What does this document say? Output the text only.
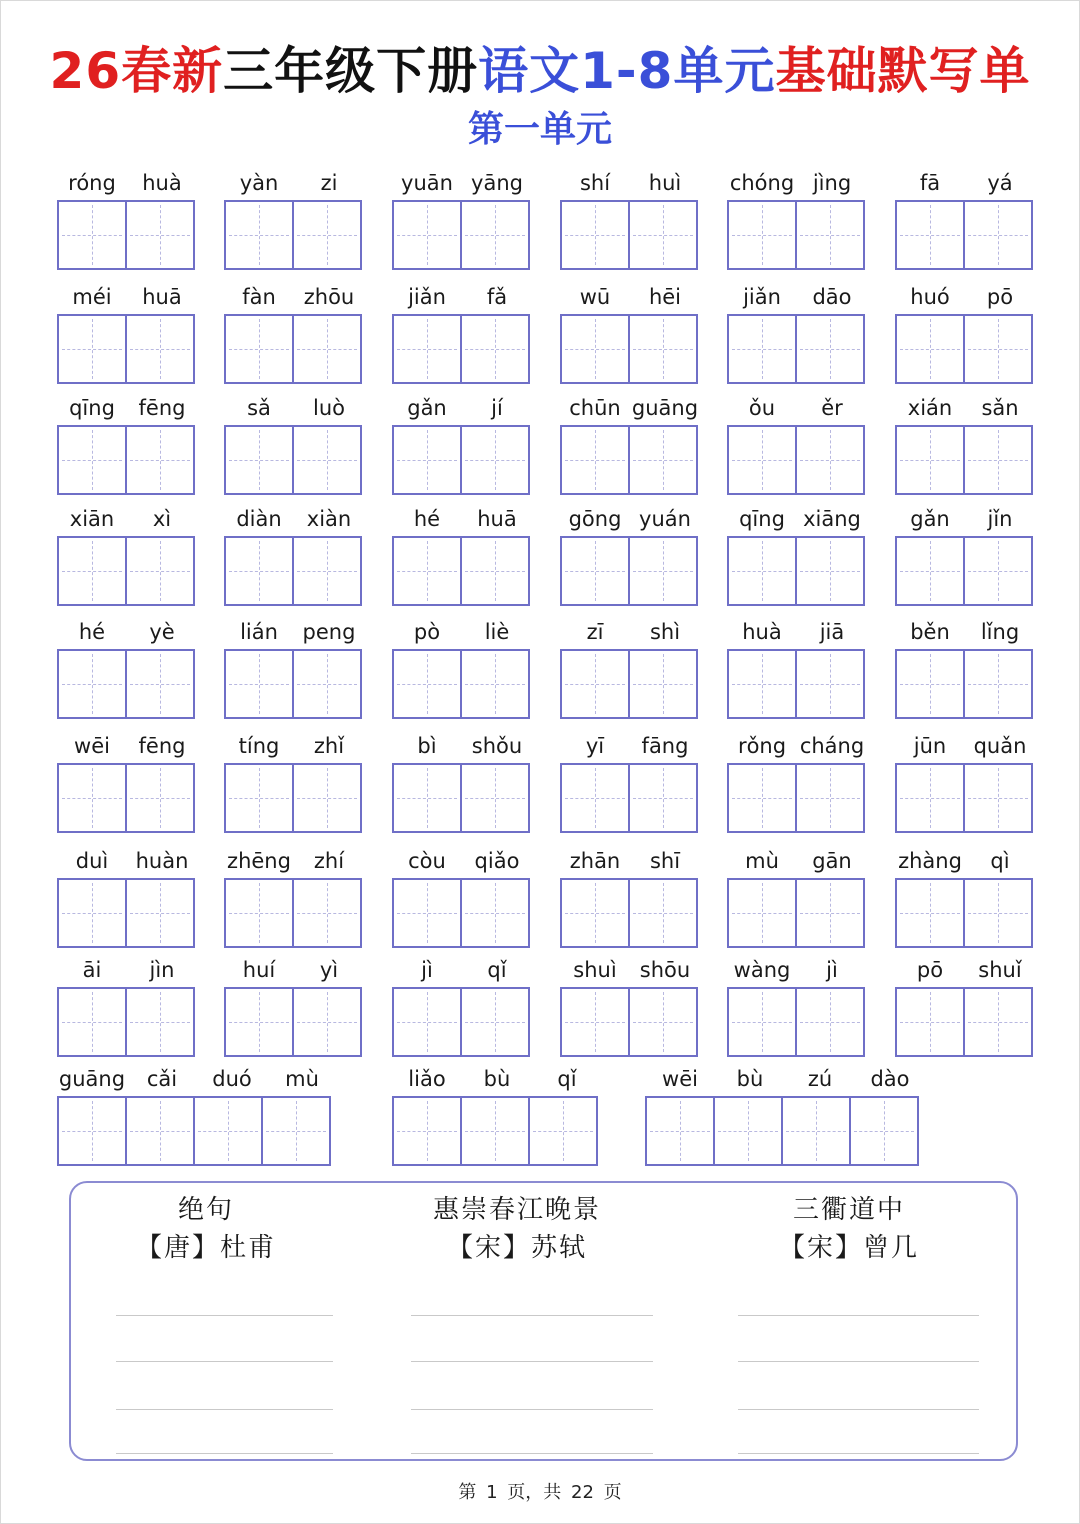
26春新三年级下册语文1-8单元基础默写单
第一单元
róng	huà	yàn	zi	yuān yāng	shí	huì	chóng jìng	fā	yá
méi	huā	fàn	zhōu	jiǎn	fǎ	wū	hēi	jiǎn	dāo	huó	pō
qīng	fēng	sǎ	luò	gǎn	jí	chūn guāng	ǒu	ěr	xián	sǎn
xiān	xì	diàn	xiàn	hé	huā	gōng yuán	qīng xiāng	gǎn	jǐn
hé	yè	lián	peng	pò	liè	zī	shì	huà	jiā	běn	lǐng
wēi	fēng	tíng	zhǐ	bì	shǒu	yī	fāng	rǒng cháng	jūn	quǎn
duì	huàn	zhēng	zhí	còu	qiǎo	zhān	shī	mù	gān	zhàng	qì
āi	jìn	huí	yì	jì	qǐ	shuì	shōu	wàng	jì	pō	shuǐ
guāng	cǎi	duó	mù	liǎo	bù	qǐ	wēi	bù	zú	dào
绝句
【唐】杜甫
惠崇春江晚景
【宋】苏轼
三衢道中
【宋】曾几
第 1 页，共 22 页
